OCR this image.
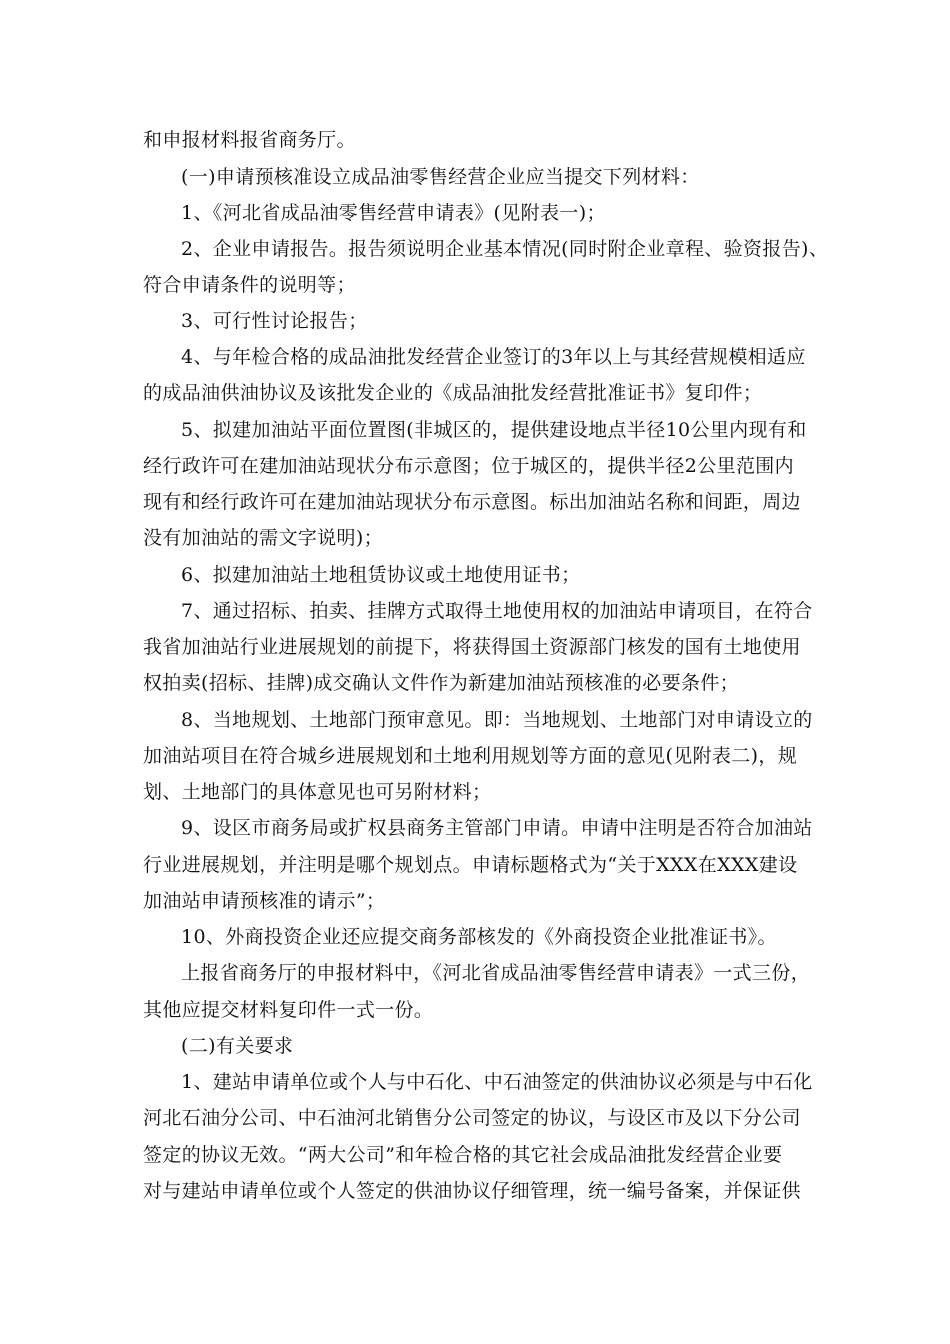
和申报材料报省商务厅。
(一)申请预核准设立成品油零售经营企业应当提交下列材料：
1、《河北省成品油零售经营申请表》(见附表一)；
2、企业申请报告。报告须说明企业基本情况(同时附企业章程、验资报告)、
符合申请条件的说明等；
3、可行性讨论报告；
4、与年检合格的成品油批发经营企业签订的3年以上与其经营规模相适应
的成品油供油协议及该批发企业的《成品油批发经营批准证书》复印件；
5、拟建加油站平面位置图(非城区的，提供建设地点半径10公里内现有和
经行政许可在建加油站现状分布示意图；位于城区的，提供半径2公里范围内
现有和经行政许可在建加油站现状分布示意图。标出加油站名称和间距，周边
没有加油站的需文字说明)；
6、拟建加油站土地租赁协议或土地使用证书；
7、通过招标、拍卖、挂牌方式取得土地使用权的加油站申请项目，在符合
我省加油站行业进展规划的前提下，将获得国土资源部门核发的国有土地使用
权拍卖(招标、挂牌)成交确认文件作为新建加油站预核准的必要条件；
8、当地规划、土地部门预审意见。即：当地规划、土地部门对申请设立的
加油站项目在符合城乡进展规划和土地利用规划等方面的意见(见附表二)，规
划、土地部门的具体意见也可另附材料；
9、设区市商务局或扩权县商务主管部门申请。申请中注明是否符合加油站
行业进展规划，并注明是哪个规划点。申请标题格式为“关于XXX在XXX建设
加油站申请预核准的请示”；
10、外商投资企业还应提交商务部核发的《外商投资企业批准证书》。
上报省商务厅的申报材料中，《河北省成品油零售经营申请表》一式三份，
其他应提交材料复印件一式一份。
(二)有关要求
1、建站申请单位或个人与中石化、中石油签定的供油协议必须是与中石化
河北石油分公司、中石油河北销售分公司签定的协议，与设区市及以下分公司
签定的协议无效。“两大公司”和年检合格的其它社会成品油批发经营企业要
对与建站申请单位或个人签定的供油协议仔细管理，统一编号备案，并保证供
